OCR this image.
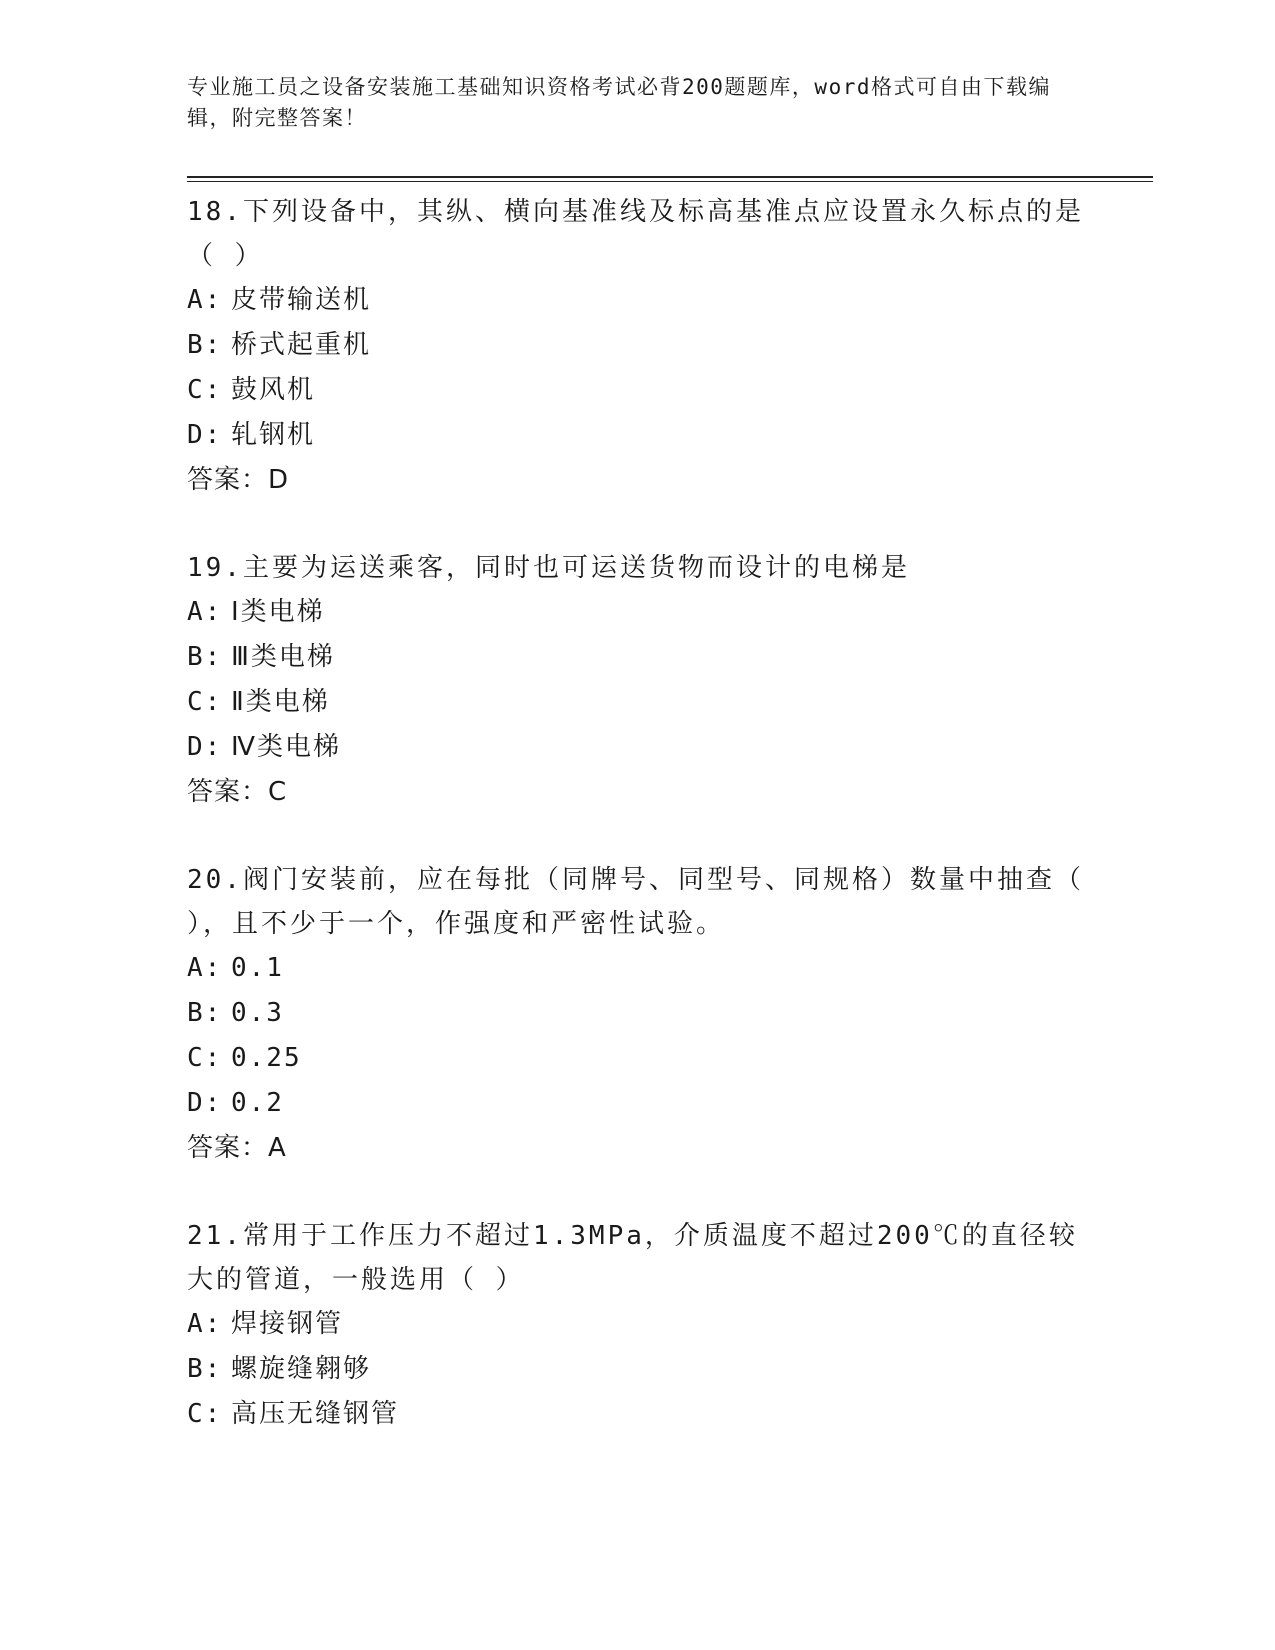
专业施工员之设备安装施工基础知识资格考试必背200题题库，word格式可自由下载编辑，附完整答案！
18.下列设备中，其纵、横向基准线及标高基准点应设置永久标点的是（ ）
A: 皮带输送机
B: 桥式起重机
C: 鼓风机
D: 轧钢机
答案：D
19.主要为运送乘客，同时也可运送货物而设计的电梯是
A: Ⅰ类电梯
B: Ⅲ类电梯
C: Ⅱ类电梯
D: Ⅳ类电梯
答案：C
20.阀门安装前，应在每批（同牌号、同型号、同规格）数量中抽查（ ），且不少于一个，作强度和严密性试验。
A: 0.1
B: 0.3
C: 0.25
D: 0.2
答案：A
21.常用于工作压力不超过1.3MPa，介质温度不超过200℃的直径较大的管道，一般选用（ ）
A: 焊接钢管
B: 螺旋缝翱够
C: 高压无缝钢管
